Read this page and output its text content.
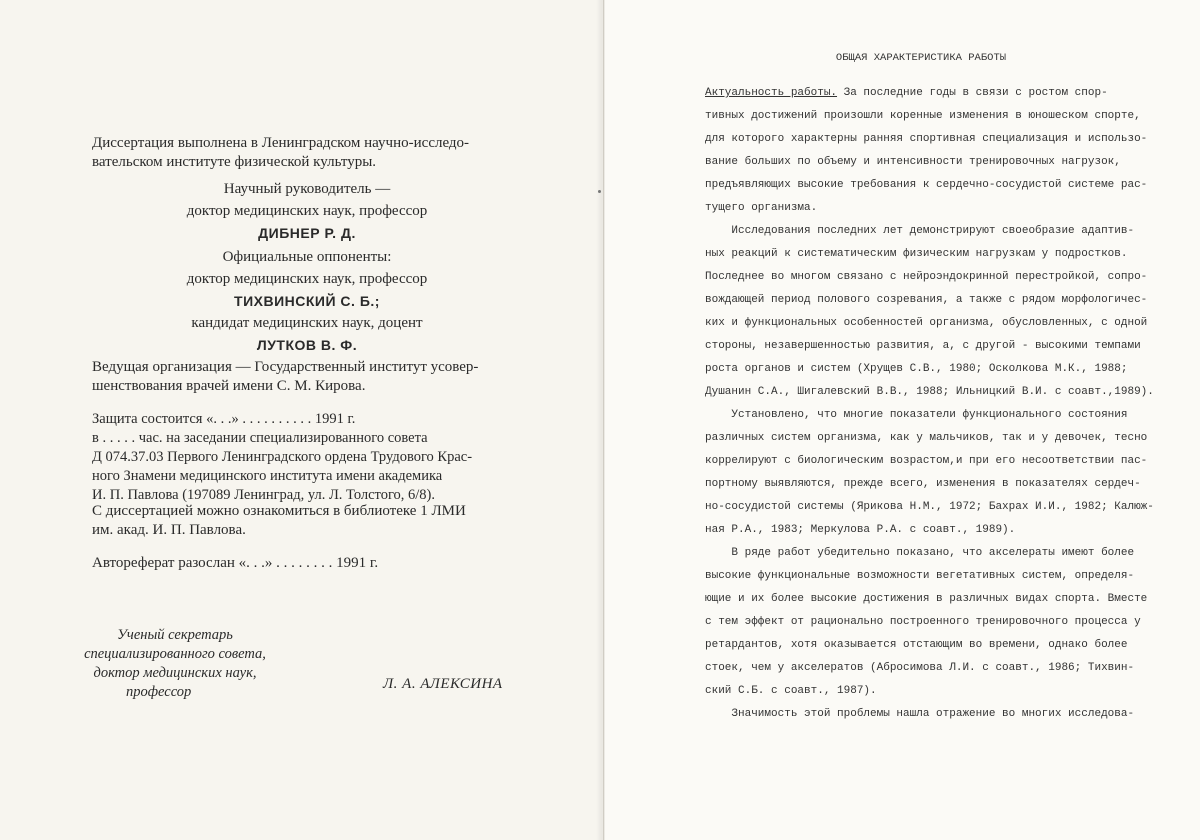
Диссертация выполнена в Ленинградском научно-исследо-

вательском институте физической культуры.

Научный руководитель —

доктор медицинских наук, профессор

ДИБНЕР Р. Д.

Официальные оппоненты:

доктор медицинских наук, профессор

ТИХВИНСКИЙ С. Б.;

кандидат медицинских наук, доцент

ЛУТКОВ В. Ф.

Ведущая организация — Государственный институт усовер-

шенствования врачей имени С. М. Кирова.

Защита состоится «. . .» . . . . . . . . . . 1991 г.

в . . . . . час. на заседании специализированного совета

Д 074.37.03 Первого Ленинградского ордена Трудового Крас-

ного Знамени медицинского института имени академика

И. П. Павлова (197089 Ленинград, ул. Л. Толстого, 6/8).

С диссертацией можно ознакомиться в библиотеке 1 ЛМИ

им. акад. И. П. Павлова.

Автореферат разослан «. . .» . . . . . . . . 1991 г.

Ученый секретарь
специализированного совета,
доктор медицинских наук,
профессор	Л. А. АЛЕКСИНА
ОБЩАЯ ХАРАКТЕРИСТИКА РАБОТЫ

Актуальность работы. За последние годы в связи с ростом спор-

тивных достижений произошли коренные изменения в юношеском спорте,

для которого характерны ранняя спортивная специализация и использо-

вание больших по объему и интенсивности тренировочных нагрузок,

предъявляющих высокие требования к сердечно-сосудистой системе рас-

тущего организма.

Исследования последних лет демонстрируют своеобразие адаптив-

ных реакций к систематическим физическим нагрузкам у подростков.

Последнее во многом связано с нейроэндокринной перестройкой, сопро-

вождающей период полового созревания, а также с рядом морфологичес-

ких и функциональных особенностей организма, обусловленных, с одной

стороны, незавершенностью развития, а, с другой - высокими темпами

роста органов и систем (Хрущев С.В., 1980; Осколкова М.К., 1988;

Душанин С.А., Шигалевский В.В., 1988; Ильницкий В.И. с соавт.,1989).

Установлено, что многие показатели функционального состояния

различных систем организма, как у мальчиков, так и у девочек, тесно

коррелируют с биологическим возрастом,и при его несоответствии пас-

портному выявляются, прежде всего, изменения в показателях сердеч-

но-сосудистой системы (Ярикова Н.М., 1972; Бахрах И.И., 1982; Калюж-

ная Р.А., 1983; Меркулова Р.А. с соавт., 1989).

В ряде работ убедительно показано, что акселераты имеют более

высокие функциональные возможности вегетативных систем, определя-

ющие и их более высокие достижения в различных видах спорта. Вместе

с тем эффект от рационально построенного тренировочного процесса у

ретардантов, хотя оказывается отстающим во времени, однако более

стоек, чем у акселератов (Абросимова Л.И. с соавт., 1986; Тихвин-

ский С.Б. с соавт., 1987).

Значимость этой проблемы нашла отражение во многих исследова-
